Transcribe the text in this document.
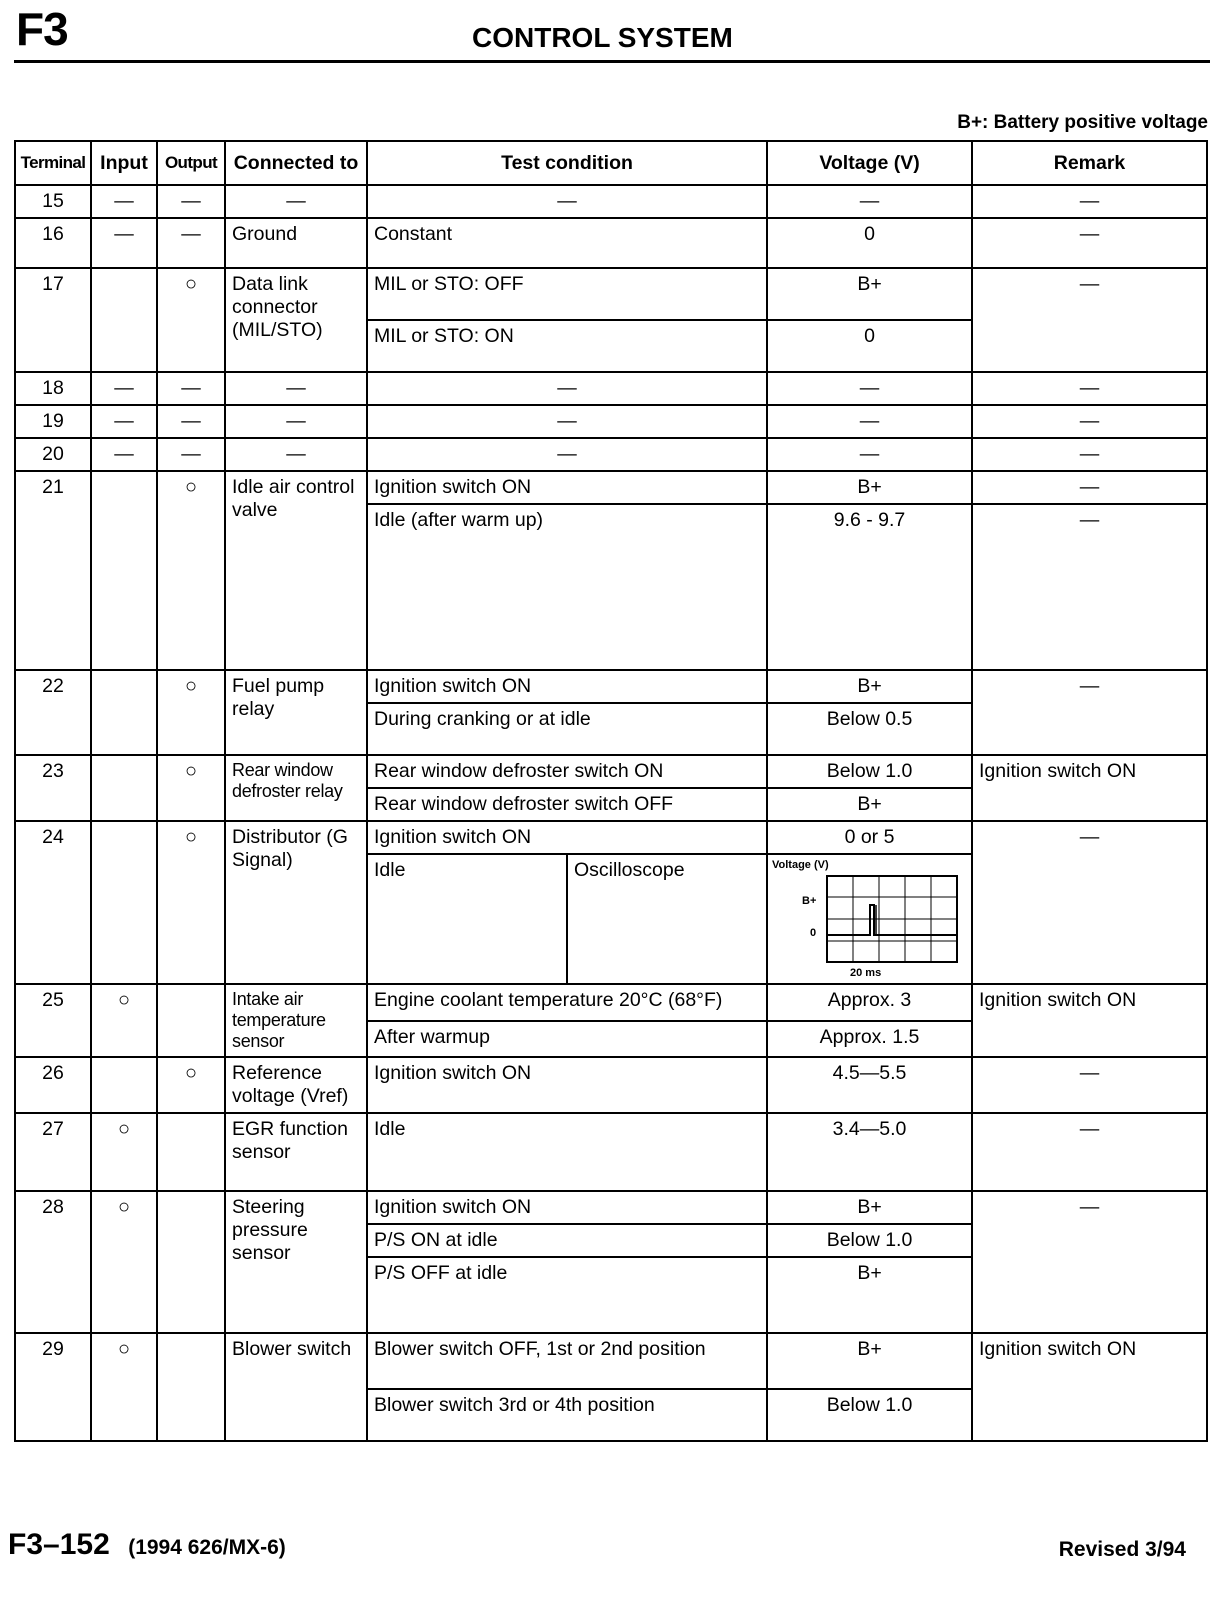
F3	CONTROL SYSTEM
B+: Battery positive voltage
Terminal	Input	Output	Connected to	Test condition		Voltage (V)	Remark
15	—	—	—	—		—	—
16	—	—	Ground	Constant		0	—
17		○	Data link connector (MIL/STO)	MIL or STO: OFF		B+	—
				MIL or STO: ON		0	
18	—	—	—	—		—	—
19	—	—	—	—		—	—
20	—	—	—	—		—	—
21		○	Idle air control valve	Ignition switch ON		B+	—
				Idle (after warm up)		9.6 - 9.7	—
22		○	Fuel pump relay	Ignition switch ON		B+	—
				During cranking or at idle		Below 0.5	
23		○	Rear window defroster relay	Rear window defroster switch ON		Below 1.0	Ignition switch ON
				Rear window defroster switch OFF		B+	
24		○	Distributor (G Signal)	Ignition switch ON		0 or 5	—
				Idle	Oscilloscope	Voltage (V)
B+
0
20 ms	

25	○		Intake air temperature sensor	Engine coolant temperature 20°C (68°F)		Approx. 3	Ignition switch ON
				After warmup		Approx. 1.5	
26		○	Reference voltage (Vref)	Ignition switch ON		4.5—5.5	—
27	○		EGR function sensor	Idle		3.4—5.0	—
28	○		Steering pressure sensor	Ignition switch ON		B+	—
				P/S ON at idle		Below 1.0	
				P/S OFF at idle		B+	
29	○		Blower switch	Blower switch OFF, 1st or 2nd position		B+	Ignition switch ON
				Blower switch 3rd or 4th position		Below 1.0	
F3–152 (1994 626/MX-6)	Revised 3/94
